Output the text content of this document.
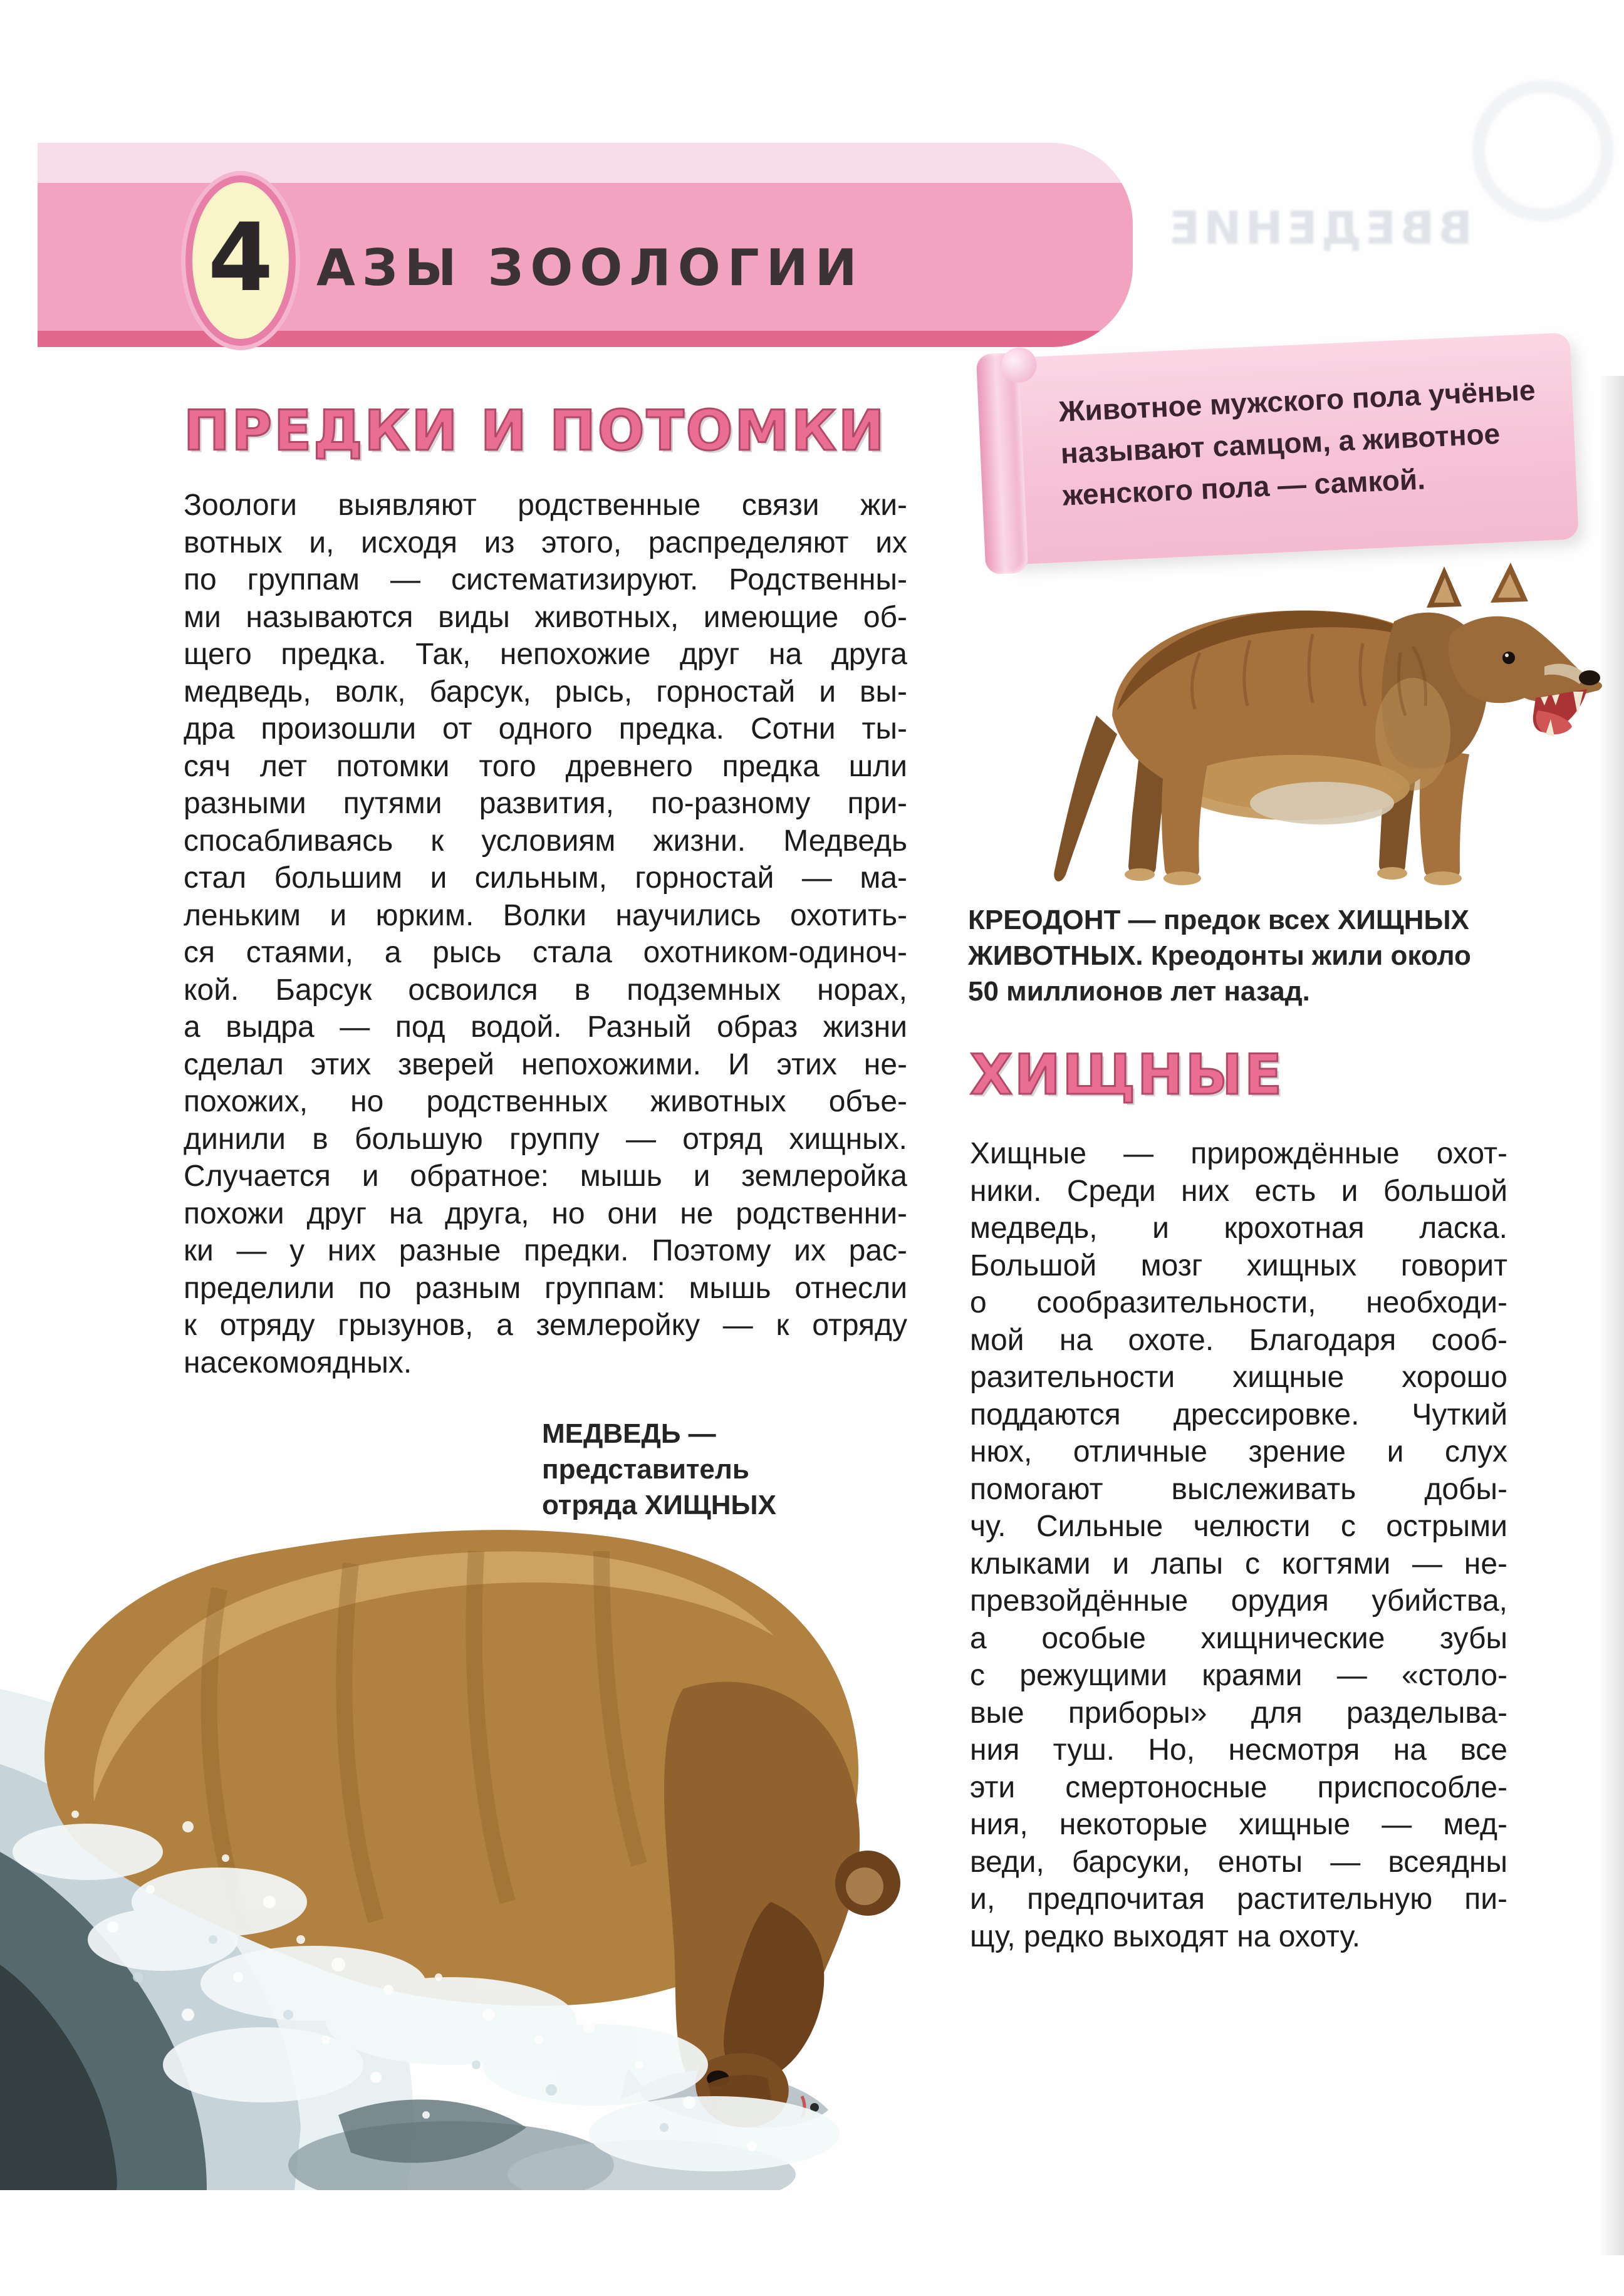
4 АЗЫ ЗООЛОГИИ
ВВЕДЕНИЕ
ПРЕДКИ И ПОТОМКИ
Зоологи выявляют родственные связи жи-
вотных и, исходя из этого, распределяют их
по группам — систематизируют. Родственны-
ми называются виды животных, имеющие об-
щего предка. Так, непохожие друг на друга
медведь, волк, барсук, рысь, горностай и вы-
дра произошли от одного предка. Сотни ты-
сяч лет потомки того древнего предка шли
разными путями развития, по-разному при-
спосабливаясь к условиям жизни. Медведь
стал большим и сильным, горностай — ма-
леньким и юрким. Волки научились охотить-
ся стаями, а рысь стала охотником-одиноч-
кой. Барсук освоился в подземных норах,
а выдра — под водой. Разный образ жизни
сделал этих зверей непохожими. И этих не-
похожих, но родственных животных объе-
динили в большую группу — отряд хищных.
Случается и обратное: мышь и землеройка
похожи друг на друга, но они не родственни-
ки — у них разные предки. Поэтому их рас-
пределили по разным группам: мышь отнесли
к отряду грызунов, а землеройку — к отряду
насекомоядных.
Животное мужского пола учёные
называют самцом, а животное
женского пола — самкой.
КРЕОДОНТ — предок всех ХИЩНЫХ
ЖИВОТНЫХ. Креодонты жили около
50 миллионов лет назад.
ХИЩНЫЕ
Хищные — прирождённые охот-
ники. Среди них есть и большой
медведь, и крохотная ласка.
Большой мозг хищных говорит
о сообразительности, необходи-
мой на охоте. Благодаря сооб-
разительности хищные хорошо
поддаются дрессировке. Чуткий
нюх, отличные зрение и слух
помогают выслеживать добы-
чу. Сильные челюсти с острыми
клыками и лапы с когтями — не-
превзойдённые орудия убийства,
а особые хищнические зубы
с режущими краями — «столо-
вые приборы» для разделыва-
ния туш. Но, несмотря на все
эти смертоносные приспособле-
ния, некоторые хищные — мед-
веди, барсуки, еноты — всеядны
и, предпочитая растительную пи-
щу, редко выходят на охоту.
МЕДВЕДЬ — представитель
отряда ХИЩНЫХ
